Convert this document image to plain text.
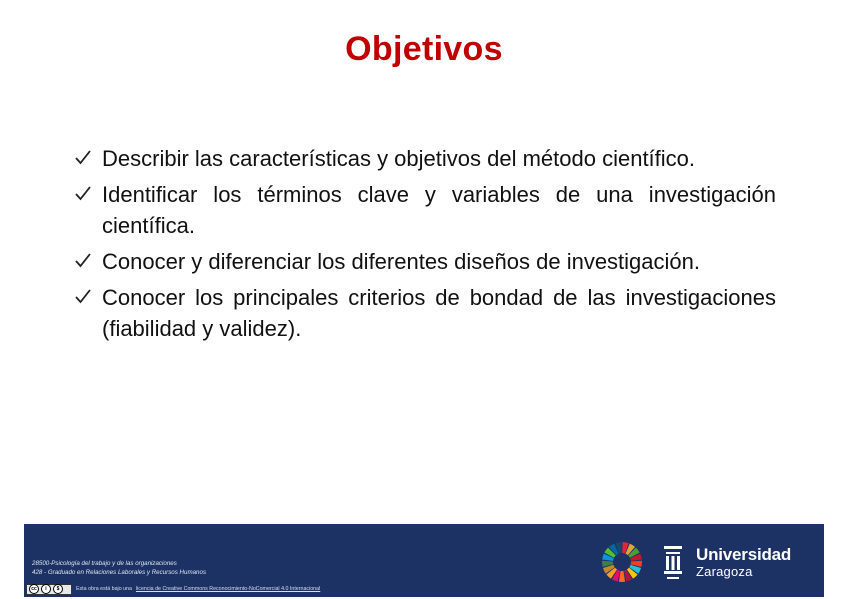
Objetivos
Describir las características y objetivos del método científico.
Identificar los términos clave y variables de una investigación científica.
Conocer y diferenciar los diferentes diseños de investigación.
Conocer los principales criterios de bondad de las investigaciones (fiabilidad y validez).
28500-Psicología del trabajo y de las organizaciones
428 - Graduado en Relaciones Laborales y Recursos Humanos
cc	i	$	Esta obra está bajo una licencia de Creative Commons Reconocimiento-NoComercial 4.0 Internacional
Universidad
Zaragoza
